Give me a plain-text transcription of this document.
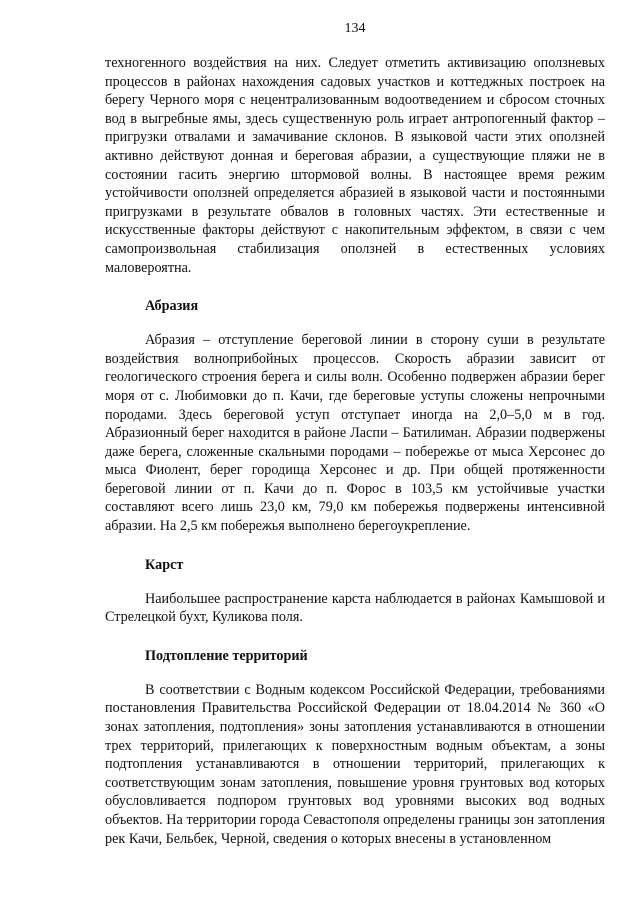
134

техногенного воздействия на них. Следует отметить активизацию оползневых процессов в районах нахождения садовых участков и коттеджных построек на берегу Черного моря с нецентрализованным водоотведением и сбросом сточных вод в выгребные ямы, здесь существенную роль играет антропогенный фактор – пригрузки отвалами и замачивание склонов. В языковой части этих оползней активно действуют донная и береговая абразии, а существующие пляжи не в состоянии гасить энергию штормовой волны. В настоящее время режим устойчивости оползней определяется абразией в языковой части и постоянными пригрузками в результате обвалов в головных частях. Эти естественные и искусственные факторы действуют с накопительным эффектом, в связи с чем самопроизвольная стабилизация оползней в естественных условиях маловероятна.

Абразия

Абразия – отступление береговой линии в сторону суши в результате воздействия волноприбойных процессов. Скорость абразии зависит от геологического строения берега и силы волн. Особенно подвержен абразии берег моря от с. Любимовки до п. Качи, где береговые уступы сложены непрочными породами. Здесь береговой уступ отступает иногда на 2,0–5,0 м в год. Абразионный берег находится в районе Ласпи – Батилиман. Абразии подвержены даже берега, сложенные скальными породами – побережье от мыса Херсонес до мыса Фиолент, берег городища Херсонес и др. При общей протяженности береговой линии от п. Качи до п. Форос в 103,5 км устойчивые участки составляют всего лишь 23,0 км, 79,0 км побережья подвержены интенсивной абразии. На 2,5 км побережья выполнено берегоукрепление.

Карст

Наибольшее распространение карста наблюдается в районах Камышовой и Стрелецкой бухт, Куликова поля.

Подтопление территорий

В соответствии с Водным кодексом Российской Федерации, требованиями постановления Правительства Российской Федерации от 18.04.2014 № 360 «О зонах затопления, подтопления» зоны затопления устанавливаются в отношении трех территорий, прилегающих к поверхностным водным объектам, а зоны подтопления устанавливаются в отношении территорий, прилегающих к соответствующим зонам затопления, повышение уровня грунтовых вод которых обусловливается подпором грунтовых вод уровнями высоких вод водных объектов. На территории города Севастополя определены границы зон затопления рек Качи, Бельбек, Черной, сведения о которых внесены в установленном
